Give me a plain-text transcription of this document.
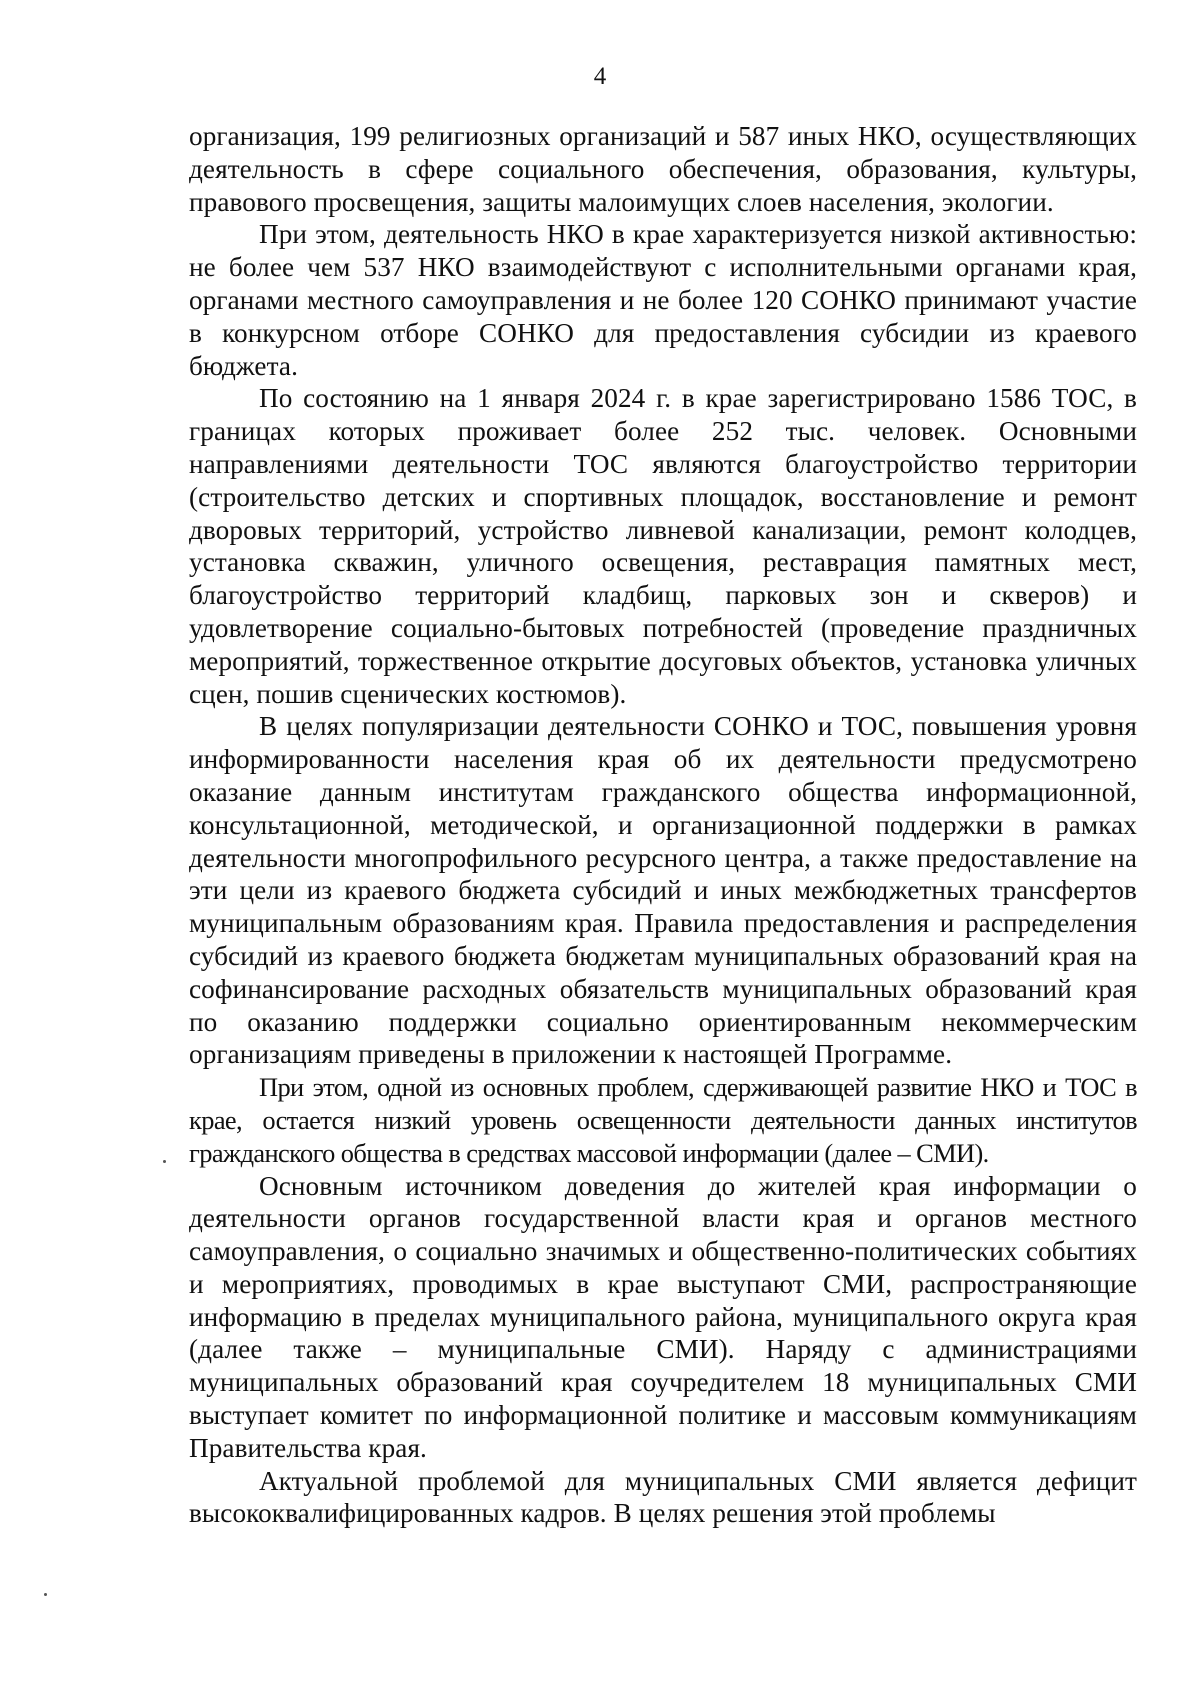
4

организация, 199 религиозных организаций и 587 иных НКО, осуществляющих деятельность в сфере социального обеспечения, образования, культуры, правового просвещения, защиты малоимущих слоев населения, экологии.

При этом, деятельность НКО в крае характеризуется низкой активностью: не более чем 537 НКО взаимодействуют с исполнительными органами края, органами местного самоуправления и не более 120 СОНКО принимают участие в конкурсном отборе СОНКО для предоставления субсидии из краевого бюджета.

По состоянию на 1 января 2024 г. в крае зарегистрировано 1586 ТОС, в границах которых проживает более 252 тыс. человек. Основными направлениями деятельности ТОС являются благоустройство территории (строительство детских и спортивных площадок, восстановление и ремонт дворовых территорий, устройство ливневой канализации, ремонт колодцев, установка скважин, уличного освещения, реставрация памятных мест, благоустройство территорий кладбищ, парковых зон и скверов) и удовлетворение социально-бытовых потребностей (проведение праздничных мероприятий, торжественное открытие досуговых объектов, установка уличных сцен, пошив сценических костюмов).

В целях популяризации деятельности СОНКО и ТОС, повышения уровня информированности населения края об их деятельности предусмотрено оказание данным институтам гражданского общества информационной, консультационной, методической, и организационной поддержки в рамках деятельности многопрофильного ресурсного центра, а также предоставление на эти цели из краевого бюджета субсидий и иных межбюджетных трансфертов муниципальным образованиям края. Правила предоставления и распределения субсидий из краевого бюджета бюджетам муниципальных образований края на софинансирование расходных обязательств муниципальных образований края по оказанию поддержки социально ориентированным некоммерческим организациям приведены в приложении к настоящей Программе.

При этом, одной из основных проблем, сдерживающей развитие НКО и ТОС в крае, остается низкий уровень освещенности деятельности данных институтов гражданского общества в средствах массовой информации (далее – СМИ).

Основным источником доведения до жителей края информации о деятельности органов государственной власти края и органов местного самоуправления, о социально значимых и общественно-политических событиях и мероприятиях, проводимых в крае выступают СМИ, распространяющие информацию в пределах муниципального района, муниципального округа края (далее также – муниципальные СМИ). Наряду с администрациями муниципальных образований края соучредителем 18 муниципальных СМИ выступает комитет по информационной политике и массовым коммуникациям Правительства края.

Актуальной проблемой для муниципальных СМИ является дефицит высококвалифицированных кадров. В целях решения этой проблемы
